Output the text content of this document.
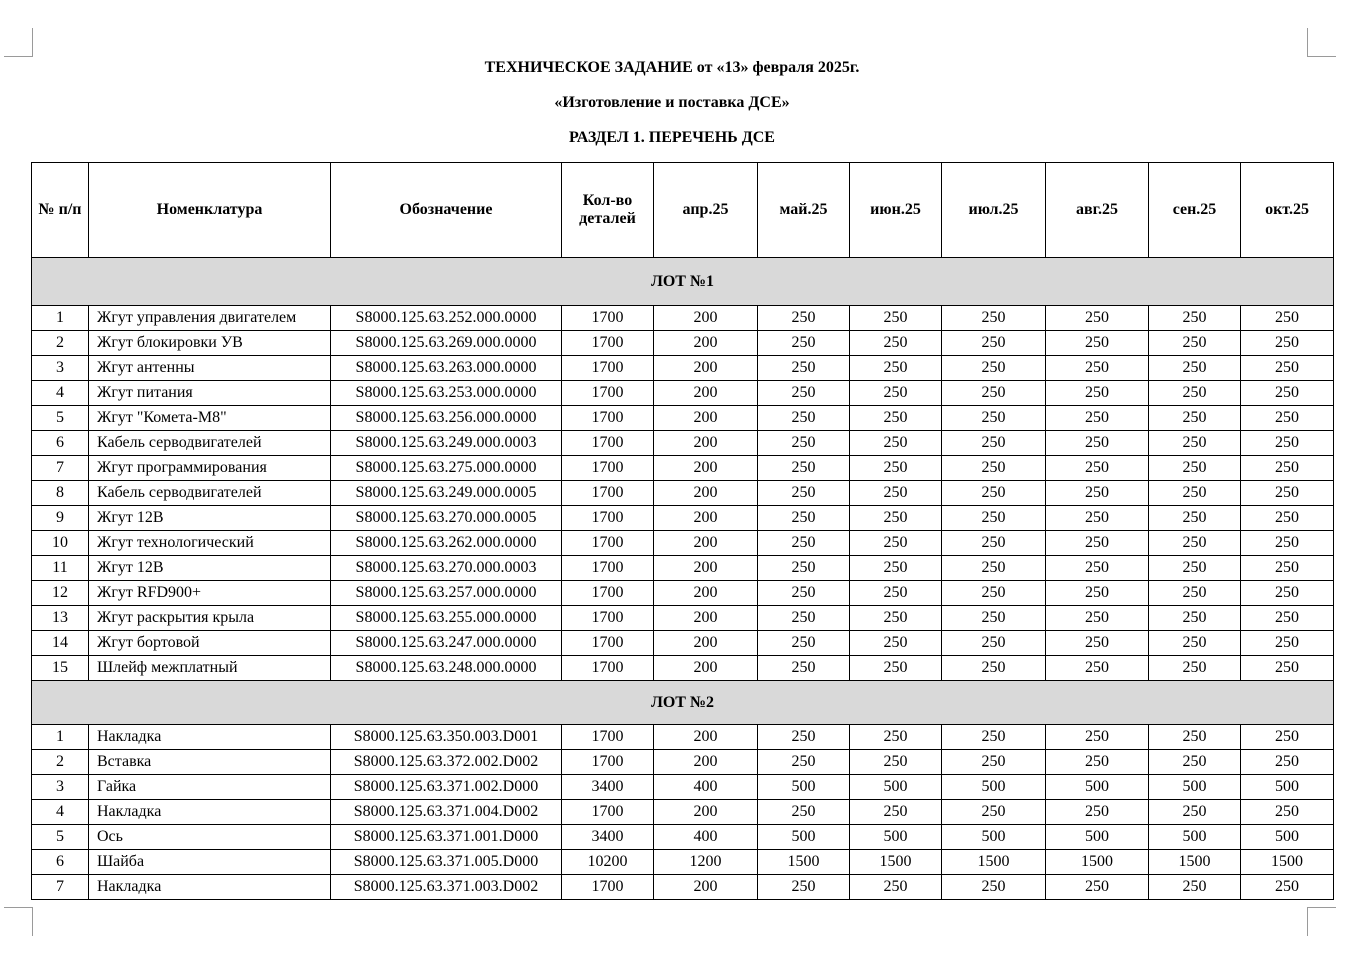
ТЕХНИЧЕСКОЕ ЗАДАНИЕ от «13» февраля 2025г.
«Изготовление и поставка ДСЕ»
РАЗДЕЛ 1. ПЕРЕЧЕНЬ ДСЕ
№ п/п	Номенклатура	Обозначение	Кол-во деталей	апр.25	май.25	июн.25	июл.25	авг.25	сен.25	окт.25
ЛОТ №1										
1	Жгут управления двигателем	S8000.125.63.252.000.0000	1700	200	250	250	250	250	250	250
2	Жгут блокировки УВ	S8000.125.63.269.000.0000	1700	200	250	250	250	250	250	250
3	Жгут антенны	S8000.125.63.263.000.0000	1700	200	250	250	250	250	250	250
4	Жгут питания	S8000.125.63.253.000.0000	1700	200	250	250	250	250	250	250
5	Жгут "Комета-М8"	S8000.125.63.256.000.0000	1700	200	250	250	250	250	250	250
6	Кабель серводвигателей	S8000.125.63.249.000.0003	1700	200	250	250	250	250	250	250
7	Жгут программирования	S8000.125.63.275.000.0000	1700	200	250	250	250	250	250	250
8	Кабель серводвигателей	S8000.125.63.249.000.0005	1700	200	250	250	250	250	250	250
9	Жгут 12В	S8000.125.63.270.000.0005	1700	200	250	250	250	250	250	250
10	Жгут технологический	S8000.125.63.262.000.0000	1700	200	250	250	250	250	250	250
11	Жгут 12В	S8000.125.63.270.000.0003	1700	200	250	250	250	250	250	250
12	Жгут RFD900+	S8000.125.63.257.000.0000	1700	200	250	250	250	250	250	250
13	Жгут раскрытия крыла	S8000.125.63.255.000.0000	1700	200	250	250	250	250	250	250
14	Жгут бортовой	S8000.125.63.247.000.0000	1700	200	250	250	250	250	250	250
15	Шлейф межплатный	S8000.125.63.248.000.0000	1700	200	250	250	250	250	250	250
ЛОТ №2										
1	Накладка	S8000.125.63.350.003.D001	1700	200	250	250	250	250	250	250
2	Вставка	S8000.125.63.372.002.D002	1700	200	250	250	250	250	250	250
3	Гайка	S8000.125.63.371.002.D000	3400	400	500	500	500	500	500	500
4	Накладка	S8000.125.63.371.004.D002	1700	200	250	250	250	250	250	250
5	Ось	S8000.125.63.371.001.D000	3400	400	500	500	500	500	500	500
6	Шайба	S8000.125.63.371.005.D000	10200	1200	1500	1500	1500	1500	1500	1500
7	Накладка	S8000.125.63.371.003.D002	1700	200	250	250	250	250	250	250
